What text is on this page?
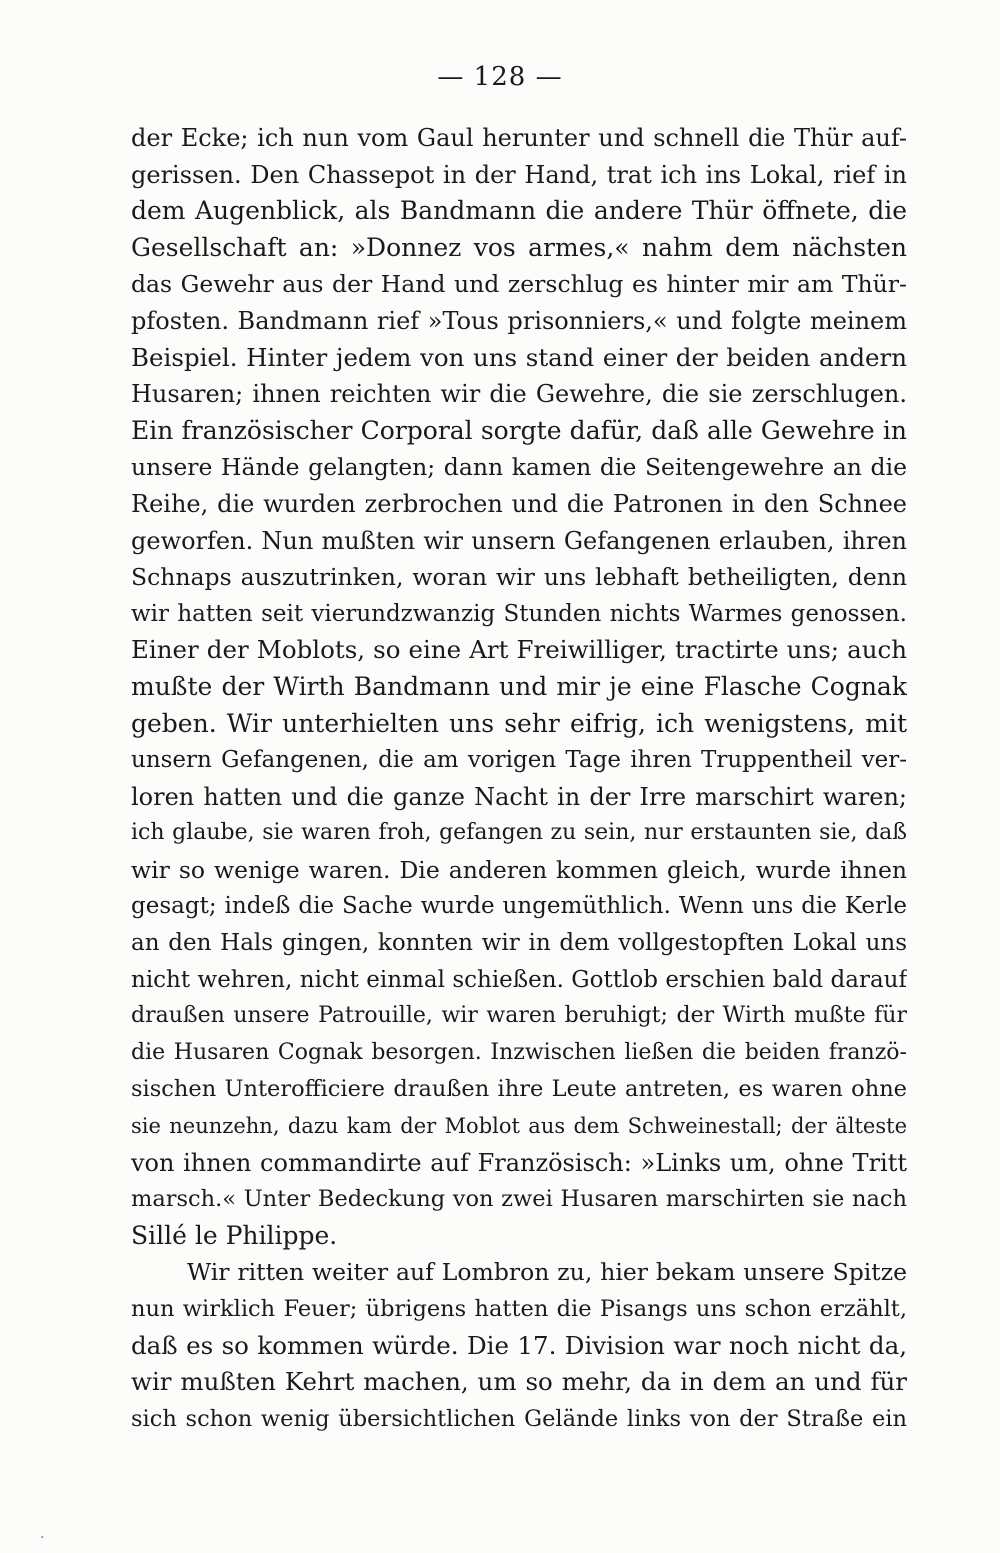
— 128 —
der Ecke; ich nun vom Gaul herunter und schnell die Thür auf-
gerissen. Den Chassepot in der Hand, trat ich ins Lokal, rief in
dem Augenblick, als Bandmann die andere Thür öffnete, die
Gesellschaft an: »Donnez vos armes,« nahm dem nächsten
das Gewehr aus der Hand und zerschlug es hinter mir am Thür-
pfosten. Bandmann rief »Tous prisonniers,« und folgte meinem
Beispiel. Hinter jedem von uns stand einer der beiden andern
Husaren; ihnen reichten wir die Gewehre, die sie zerschlugen.
Ein französischer Corporal sorgte dafür, daß alle Gewehre in
unsere Hände gelangten; dann kamen die Seitengewehre an die
Reihe, die wurden zerbrochen und die Patronen in den Schnee
geworfen. Nun mußten wir unsern Gefangenen erlauben, ihren
Schnaps auszutrinken, woran wir uns lebhaft betheiligten, denn
wir hatten seit vierundzwanzig Stunden nichts Warmes genossen.
Einer der Moblots, so eine Art Freiwilliger, tractirte uns; auch
mußte der Wirth Bandmann und mir je eine Flasche Cognak
geben. Wir unterhielten uns sehr eifrig, ich wenigstens, mit
unsern Gefangenen, die am vorigen Tage ihren Truppentheil ver-
loren hatten und die ganze Nacht in der Irre marschirt waren;
ich glaube, sie waren froh, gefangen zu sein, nur erstaunten sie, daß
wir so wenige waren. Die anderen kommen gleich, wurde ihnen
gesagt; indeß die Sache wurde ungemüthlich. Wenn uns die Kerle
an den Hals gingen, konnten wir in dem vollgestopften Lokal uns
nicht wehren, nicht einmal schießen. Gottlob erschien bald darauf
draußen unsere Patrouille, wir waren beruhigt; der Wirth mußte für
die Husaren Cognak besorgen. Inzwischen ließen die beiden franzö-
sischen Unterofficiere draußen ihre Leute antreten, es waren ohne
sie neunzehn, dazu kam der Moblot aus dem Schweinestall; der älteste
von ihnen commandirte auf Französisch: »Links um, ohne Tritt
marsch.« Unter Bedeckung von zwei Husaren marschirten sie nach
Sillé le Philippe.
Wir ritten weiter auf Lombron zu, hier bekam unsere Spitze
nun wirklich Feuer; übrigens hatten die Pisangs uns schon erzählt,
daß es so kommen würde. Die 17. Division war noch nicht da,
wir mußten Kehrt machen, um so mehr, da in dem an und für
sich schon wenig übersichtlichen Gelände links von der Straße ein
·
